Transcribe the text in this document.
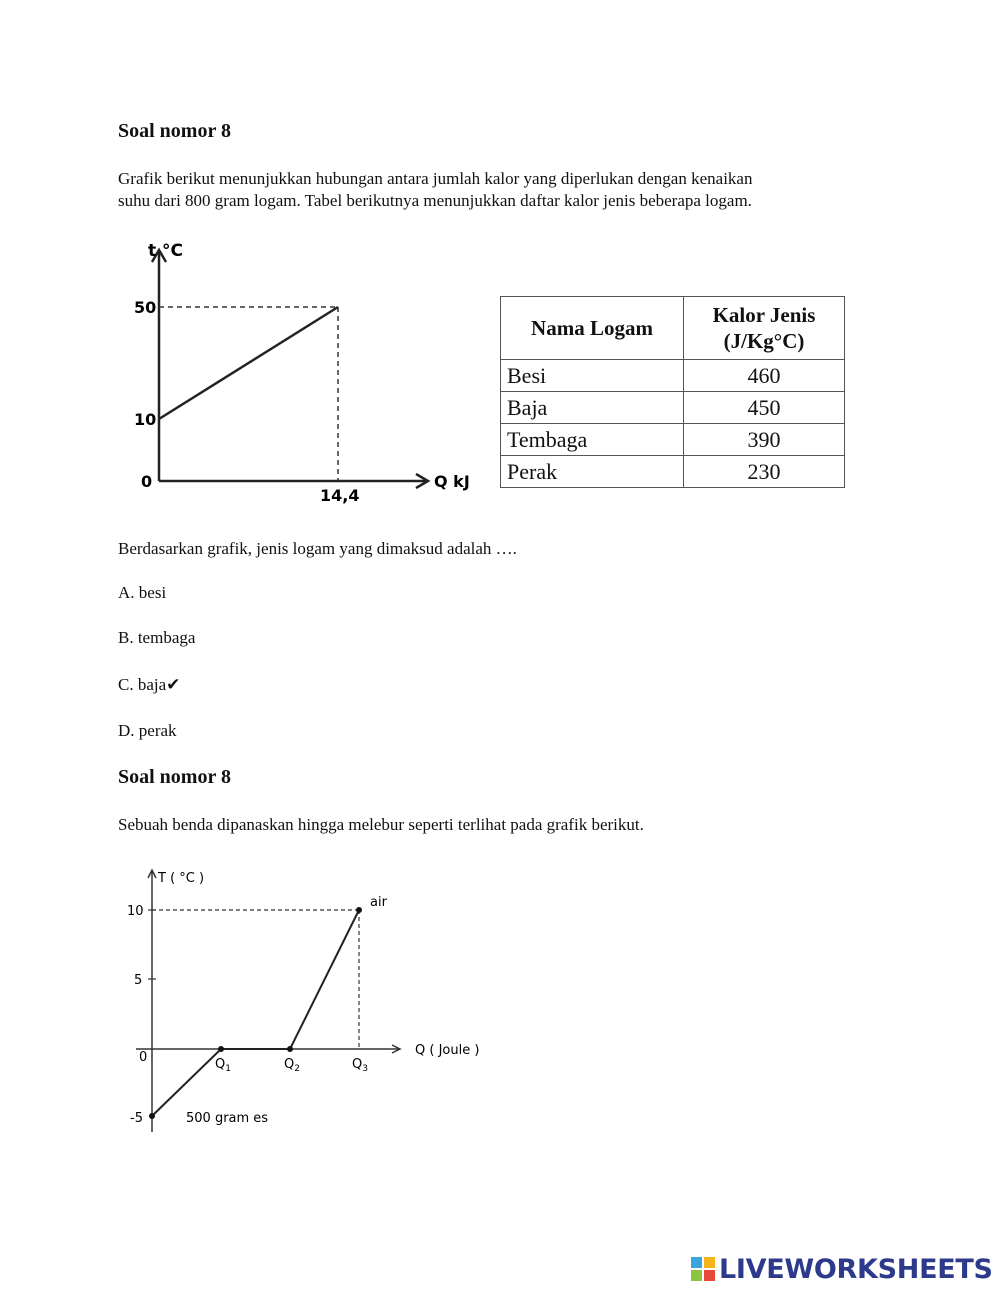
Soal nomor 8
Grafik berikut menunjukkan hubungan antara jumlah kalor yang diperlukan dengan kenaikan
suhu dari 800 gram logam. Tabel berikutnya menunjukkan daftar kalor jenis beberapa logam.
t °C
50
10
0
14,4
Q kJ
Nama Logam	Kalor Jenis
(J/Kg°C)
Besi	460
Baja	450
Tembaga	390
Perak	230
Berdasarkan grafik, jenis logam yang dimaksud adalah ….
A. besi
B. tembaga
C. baja✔
D. perak
Soal nomor 8
Sebuah benda dipanaskan hingga melebur seperti terlihat pada grafik berikut.
T ( °C )
10
5
0
-5
$Q_1$	$Q_2$	$Q_3$
Q ( Joule )
air
500 gram es
LIVEWORKSHEETS
